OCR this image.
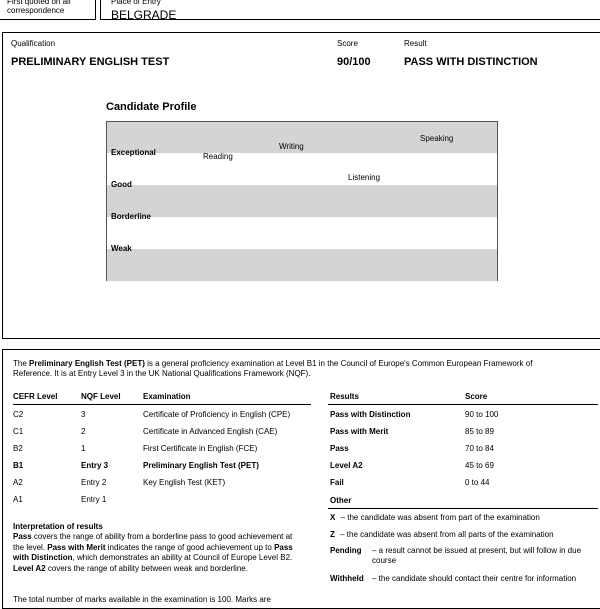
First quoted on all
correspondence
Place of Entry
BELGRADE
Qualification
PRELIMINARY ENGLISH TEST
Score
90/100
Result
PASS WITH DISTINCTION
Candidate Profile
Exceptional
Good
Borderline
Weak
Reading
Writing
Speaking
Listening

The Preliminary English Test (PET) is a general proficiency examination at Level B1 in the Council of Europe's Common European Framework of Reference. It is at Entry Level 3 in the UK National Qualifications Framework (NQF).

CEFR Level	NQF Level	Examination
C2	3	Certificate of Proficiency in English (CPE)
C1	2	Certificate in Advanced English (CAE)
B2	1	First Certificate in English (FCE)
B1	Entry 3	Preliminary English Test (PET)
A2	Entry 2	Key English Test (KET)
A1	Entry 1
Interpretation of results

Pass covers the range of ability from a borderline pass to good achievement at the level. Pass with Merit indicates the range of good achievement up to Pass with Distinction, which demonstrates an ability at Council of Europe Level B2. Level A2 covers the range of ability between weak and borderline.

The total number of marks available in the examination is 100. Marks are

Results	Score
Pass with Distinction	90 to 100
Pass with Merit	85 to 89
Pass	70 to 84
Level A2	45 to 69
Fail	0 to 44
Other
X – the candidate was absent from part of the examination
Z – the candidate was absent from all parts of the examination
Pending – a result cannot be issued at present, but will follow in due course
Withheld – the candidate should contact their centre for information
